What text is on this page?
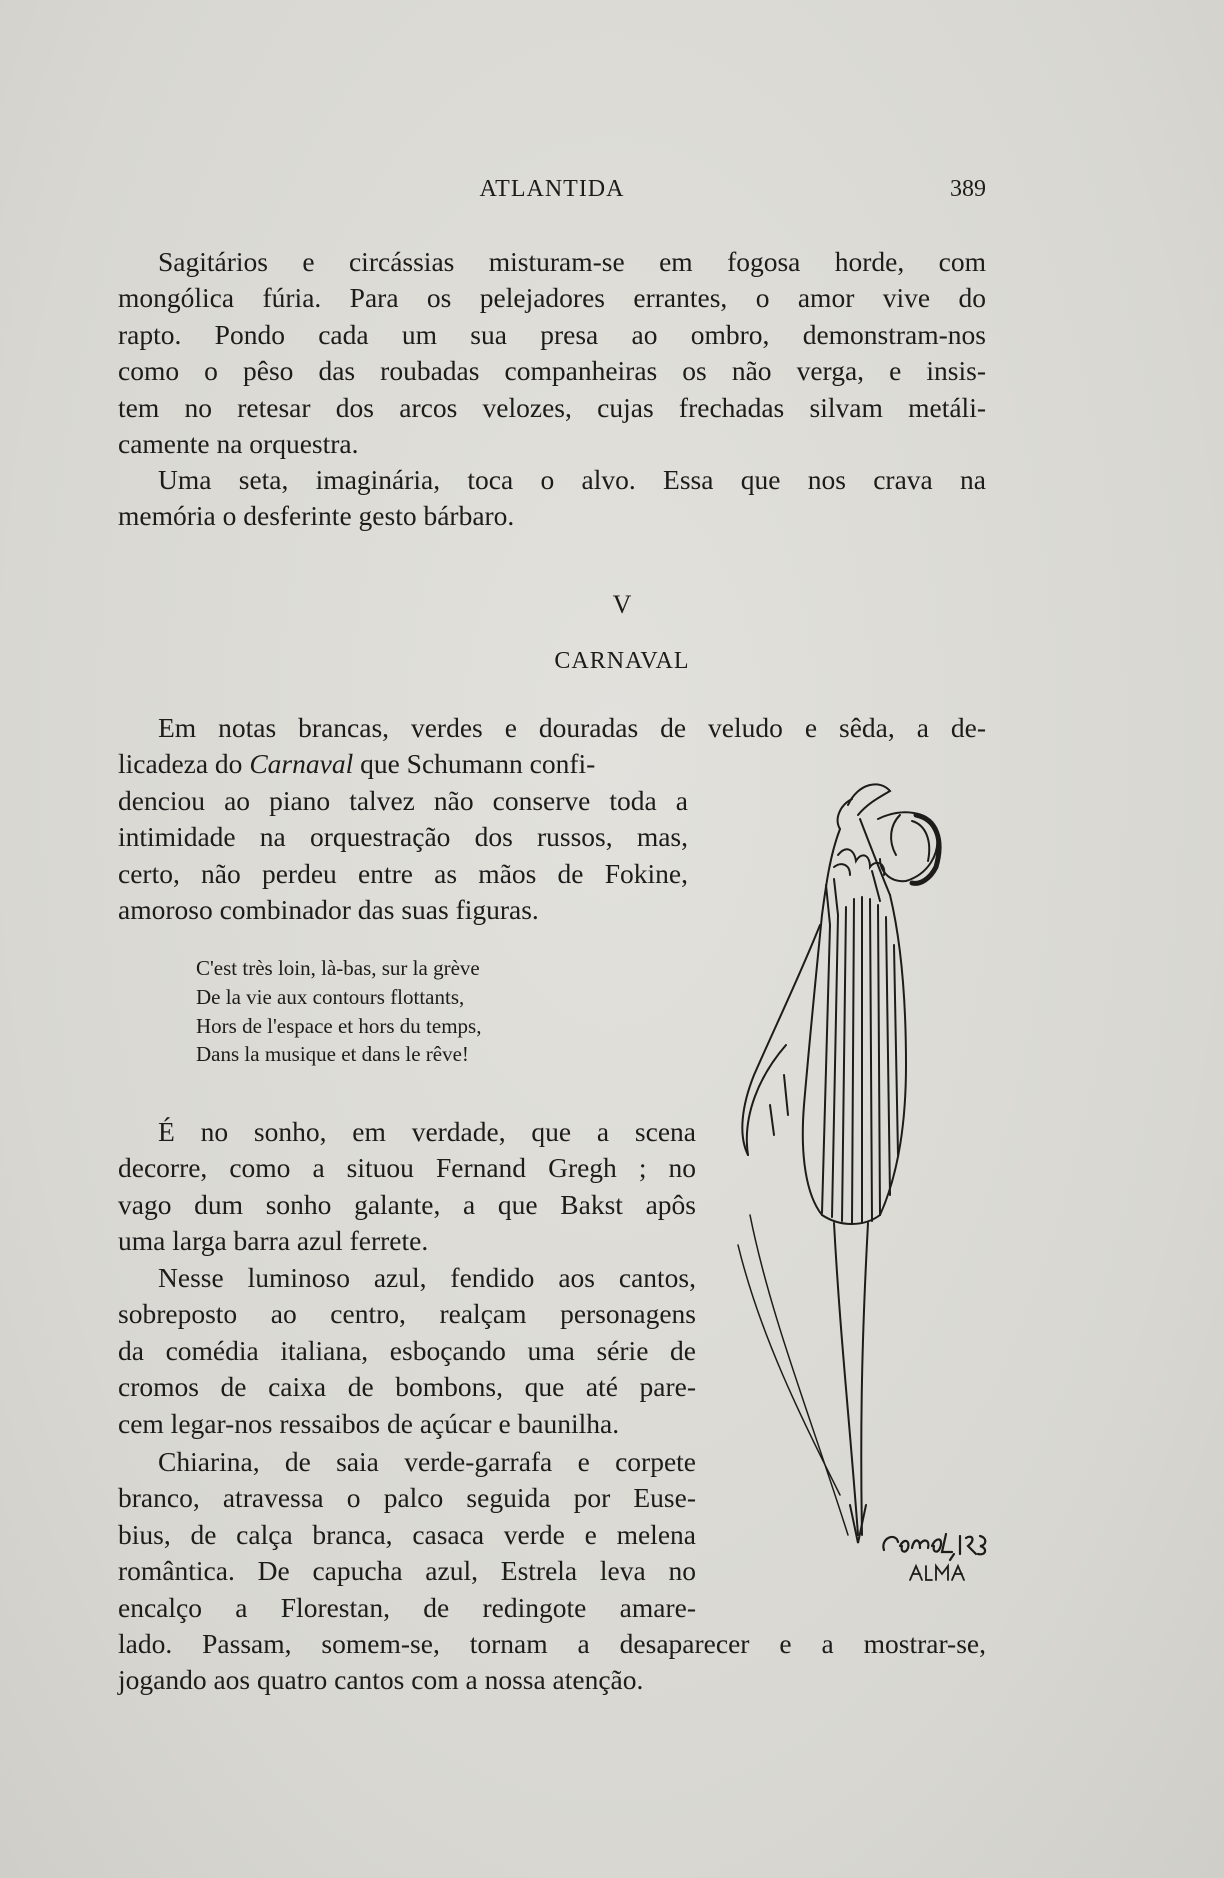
ATLANTIDA	389
Sagitários e circássias misturam-se em fogosa horde, com
mongólica fúria. Para os pelejadores errantes, o amor vive do
rapto. Pondo cada um sua presa ao ombro, demonstram-nos
como o pêso das roubadas companheiras os não verga, e insis-
tem no retesar dos arcos velozes, cujas frechadas silvam metáli-
camente na orquestra.
Uma seta, imaginária, toca o alvo. Essa que nos crava na
memória o desferinte gesto bárbaro.
V
CARNAVAL
Em notas brancas, verdes e douradas de veludo e sêda, a de-
licadeza do Carnaval que Schumann confi-
denciou ao piano talvez não conserve toda a
intimidade na orquestração dos russos, mas,
certo, não perdeu entre as mãos de Fokine,
amoroso combinador das suas figuras.
C'est très loin, là-bas, sur la grève
De la vie aux contours flottants,
Hors de l'espace et hors du temps,
Dans la musique et dans le rêve!
É no sonho, em verdade, que a scena
decorre, como a situou Fernand Gregh ; no
vago dum sonho galante, a que Bakst apôs
uma larga barra azul ferrete.
Nesse luminoso azul, fendido aos cantos,
sobreposto ao centro, realçam personagens
da comédia italiana, esboçando uma série de
cromos de caixa de bombons, que até pare-
cem legar-nos ressaibos de açúcar e baunilha.
Chiarina, de saia verde-garrafa e corpete
branco, atravessa o palco seguida por Euse-
bius, de calça branca, casaca verde e melena
romântica. De capucha azul, Estrela leva no
encalço a Florestan, de redingote amare-
lado. Passam, somem-se, tornam a desaparecer e a mostrar-se,
jogando aos quatro cantos com a nossa atenção.
